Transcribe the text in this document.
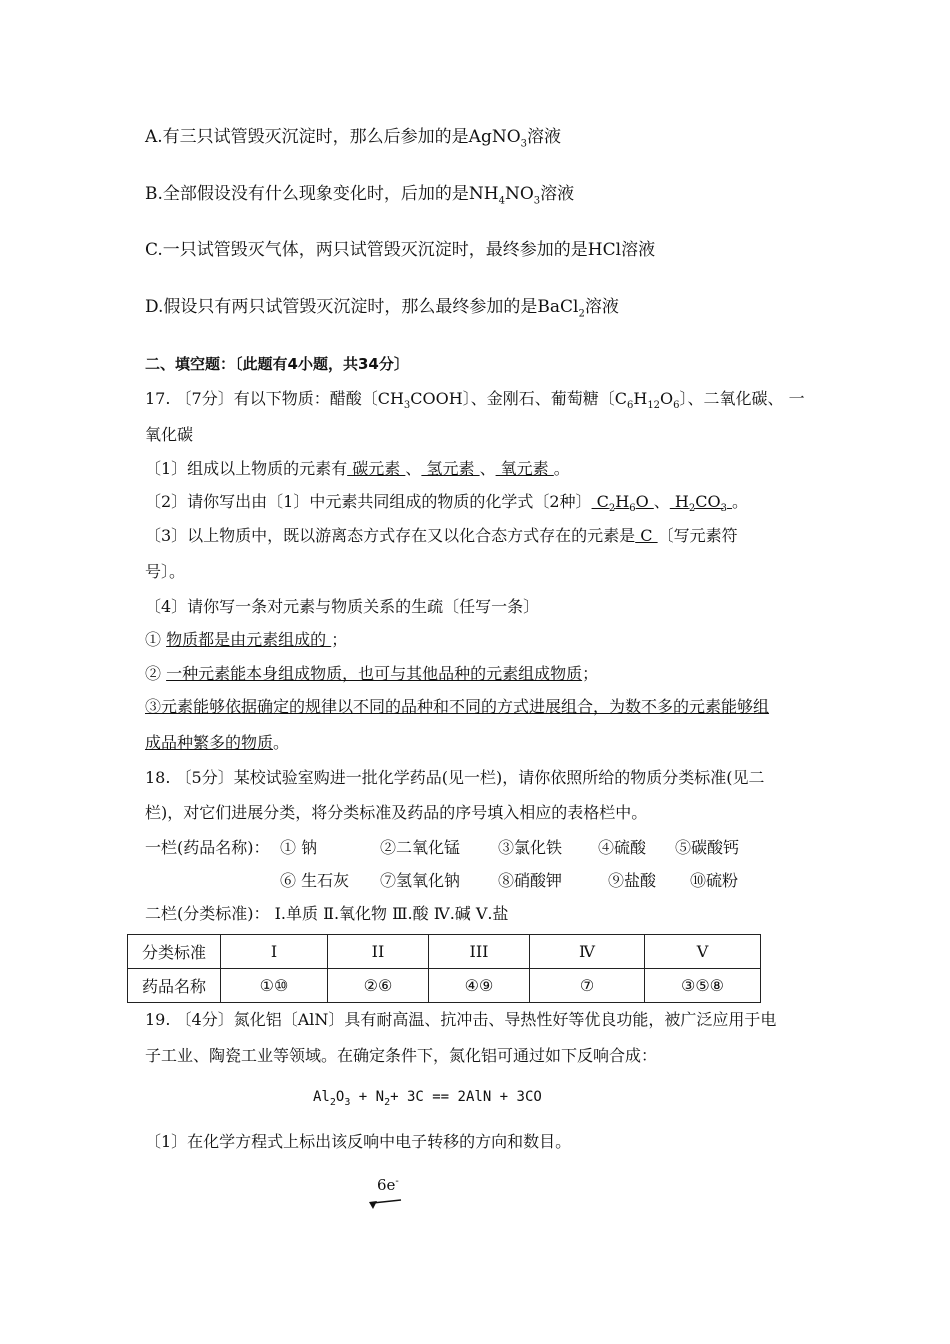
A.有三只试管毁灭沉淀时，那么后参加的是AgNO$_3$溶液
B.全部假设没有什么现象变化时，后加的是$NH_4NO_3$溶液
C.一只试管毁灭气体，两只试管毁灭沉淀时，最终参加的是HCl溶液
D.假设只有两只试管毁灭沉淀时，那么最终参加的是BaCl$_2$溶液
二、填空题：〔此题有4小题，共34分〕
17. 〔7分〕有以下物质：醋酸〔$CH_3COOH$〕、金刚石、葡萄糖〔$C_6H_{12}O_6$〕、二氧化碳、 一
氧化碳
〔1〕组成以上物质的元素有 碳元素 、 氢元素 、 氧元素 。
〔2〕请你写出由〔1〕中元素共同组成的物质的化学式〔2种〕 $C_2H_6O$ 、 $H_2CO_3$ 。
〔3〕以上物质中，既以游离态方式存在又以化合态方式存在的元素是 C 〔写元素符
号〕。
〔4〕请你写一条对元素与物质关系的生疏〔任写一条〕
① 物质都是由元素组成的 ；
② 一种元素能本身组成物质，也可与其他品种的元素组成物质；
③元素能够依据确定的规律以不同的品种和不同的方式进展组合，为数不多的元素能够组
成品种繁多的物质。
18. 〔5分〕某校试验室购进一批化学药品(见一栏)，请你依照所给的物质分类标准(见二
栏)，对它们进展分类，将分类标准及药品的序号填入相应的表格栏中。
一栏(药品名称)： ① 钠	②二氧化锰 ③氯化铁 ④硫酸 ⑤碳酸钙
⑥ 生石灰 ⑦氢氧化钠 ⑧硝酸钾	⑨盐酸 ⑩硫粉
二栏(分类标准)： Ⅰ.单质 Ⅱ.氧化物 Ⅲ.酸 Ⅳ.碱 Ⅴ.盐
分类标准	I	II	III	Ⅳ	V
药品名称	①⑩	②⑥	④⑨	⑦	③⑤⑧
19. 〔4分〕氮化铝〔AlN〕具有耐高温、抗冲击、导热性好等优良功能，被广泛应用于电
子工业、陶瓷工业等领域。在确定条件下，氮化铝可通过如下反响合成：
$Al_2O_3 + N_2+ 3C == 2AlN + 3CO$
〔1〕在化学方程式上标出该反响中电子转移的方向和数目。
6e-
